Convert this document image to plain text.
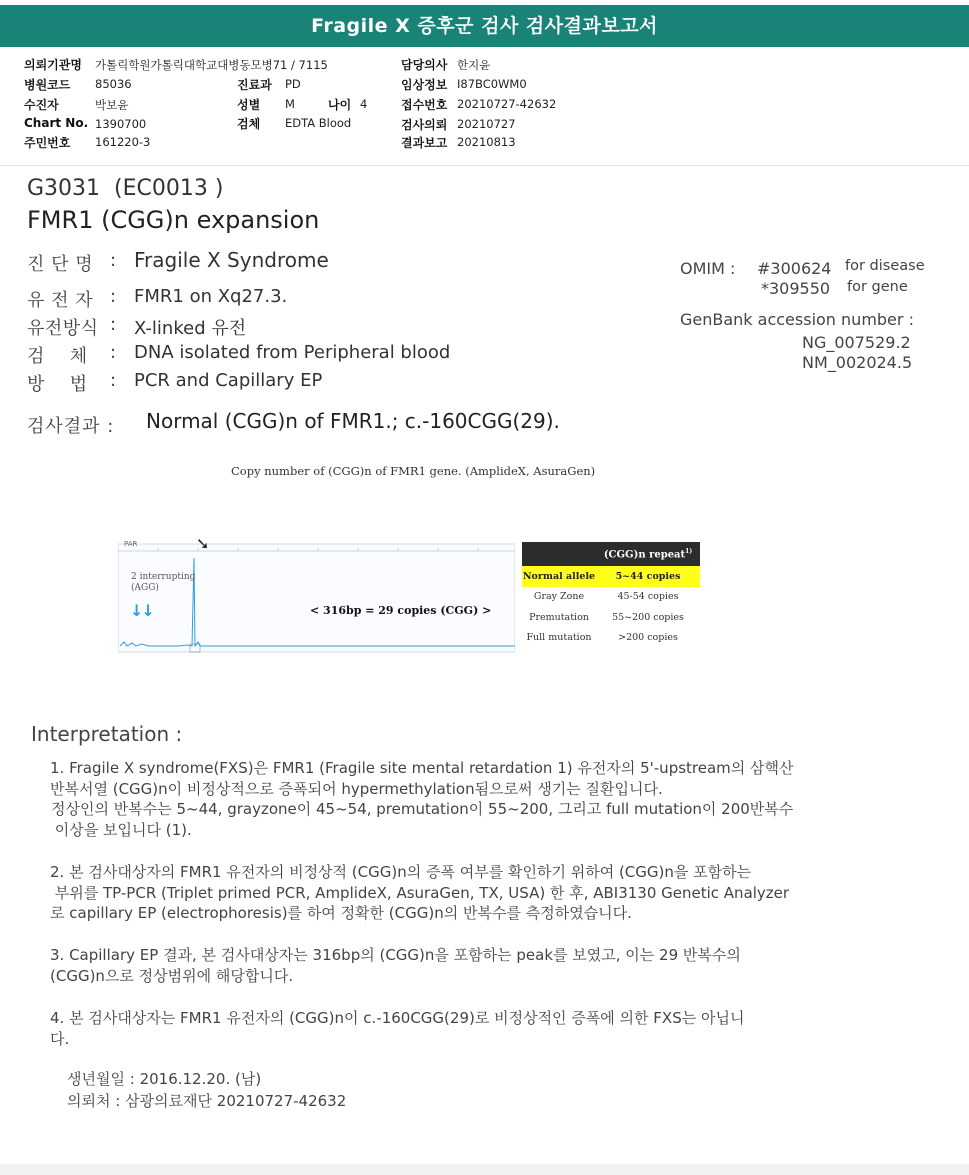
Fragile X 증후군 검사 검사결과보고서
의뢰기관명 가톨릭학원가톨릭대학교대병동모병71 / 7115	담당의사 한지윤
병원코드 85036	진료과 PD	임상정보 I87BC0WM0
수진자	박보윤	성별 M	나이 4	접수번호 20210727-42632
Chart No. 1390700	검체 EDTA Blood	검사의뢰 20210727
주민번호 161220-3	결과보고 20210813
G3031  (EC0013 )
FMR1 (CGG)n expansion
진 단 명 : Fragile X Syndrome
유 전 자 : FMR1 on Xq27.3.
유전방식 : X-linked 유전
검    체 : DNA isolated from Peripheral blood
방    법 : PCR and Capillary EP
OMIM : #300624 for disease
*309550 for gene
GenBank accession number :
NG_007529.2
NM_002024.5
검사결과 : Normal (CGG)n of FMR1.; c.-160CGG(29).
Copy number of (CGG)n of FMR1 gene. (AmplideX, AsuraGen)
➘
PAR
2 interrupting
(AGG)
↓↓	< 316bp = 29 copies (CGG) >
	(CGG)n repeat$^{1)}$
Normal allele	5~44 copies
Gray Zone	45-54 copies
Premutation	55~200 copies
Full mutation	>200 copies
Interpretation :
1. Fragile X syndrome(FXS)은 FMR1 (Fragile site mental retardation 1) 유전자의 5'-upstream의 삼핵산
반복서열 (CGG)n이 비정상적으로 증폭되어 hypermethylation됨으로써 생기는 질환입니다.
정상인의 반복수는 5~44, grayzone이 45~54, premutation이 55~200, 그리고 full mutation이 200반복수
이상을 보입니다 (1).
2. 본 검사대상자의 FMR1 유전자의 비정상적 (CGG)n의 증폭 여부를 확인하기 위하여 (CGG)n을 포함하는
부위를 TP-PCR (Triplet primed PCR, AmplideX, AsuraGen, TX, USA) 한 후, ABI3130 Genetic Analyzer
로 capillary EP (electrophoresis)를 하여 정확한 (CGG)n의 반복수를 측정하였습니다.
3. Capillary EP 결과, 본 검사대상자는 316bp의 (CGG)n을 포함하는 peak를 보였고, 이는 29 반복수의
(CGG)n으로 정상범위에 해당합니다.
4. 본 검사대상자는 FMR1 유전자의 (CGG)n이 c.-160CGG(29)로 비정상적인 증폭에 의한 FXS는 아닙니
다.
생년월일 : 2016.12.20. (남)
의뢰처 : 삼광의료재단 20210727-42632
